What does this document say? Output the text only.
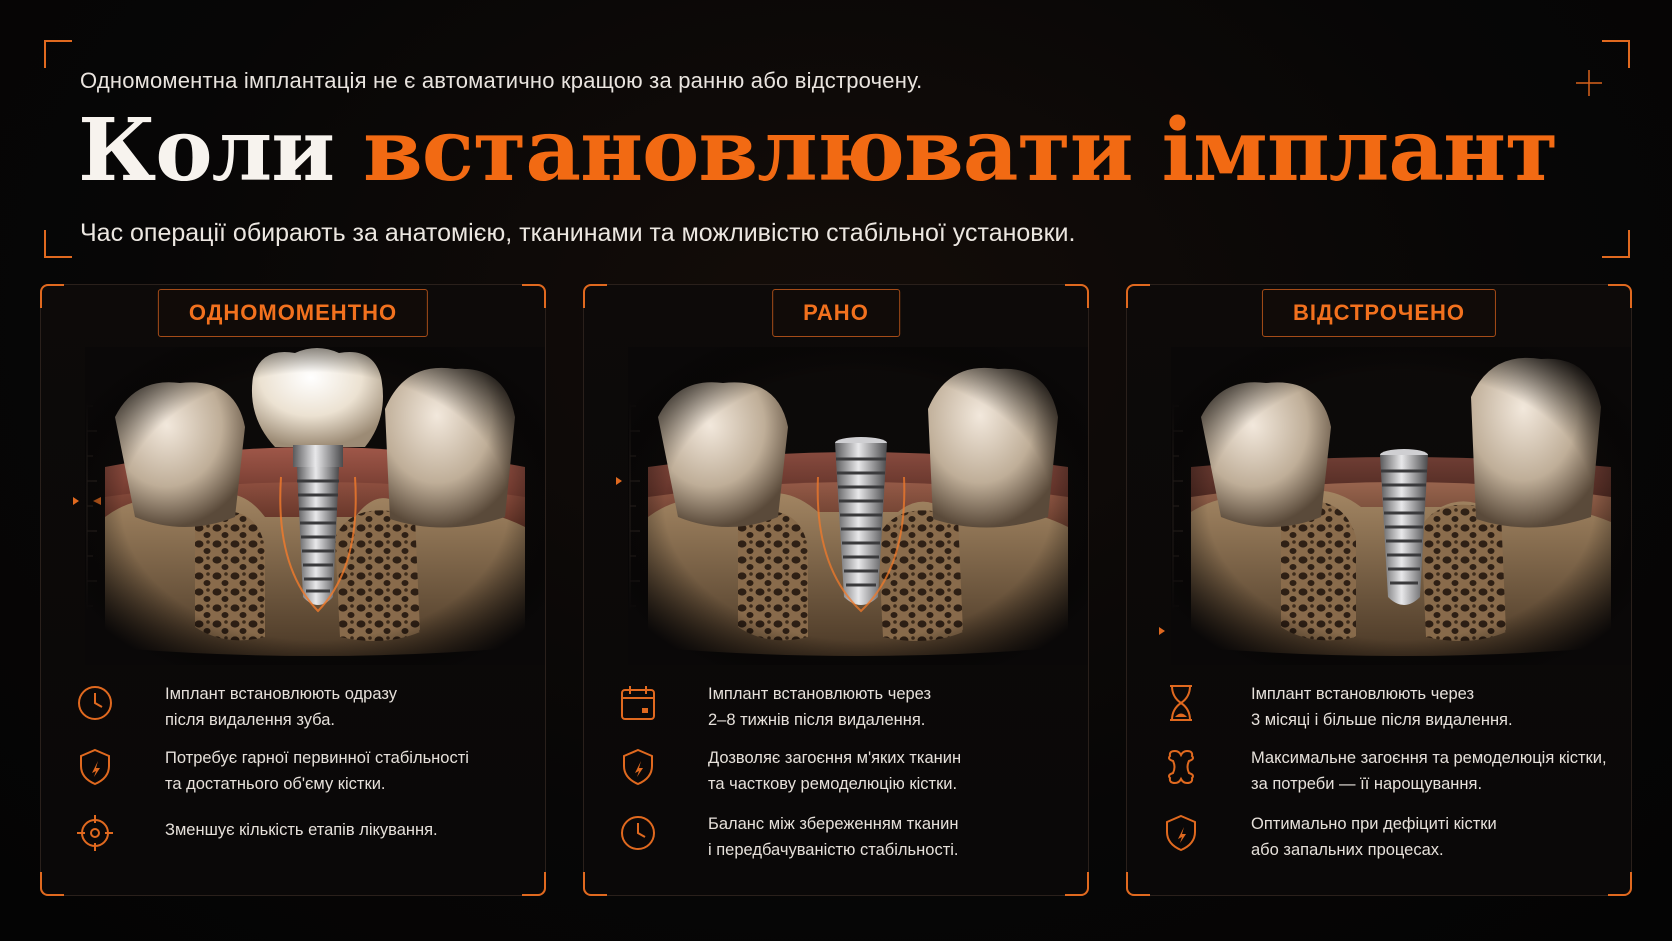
Одномоментна імплантація не є автоматично кращою за ранню або відстрочену.
Коли встановлювати імплант
Час операції обирають за анатомією, тканинами та можливістю стабільної установки.
ОДНОМОМЕНТНО
Імплант встановлюють одразу
після видалення зуба.
Потребує гарної первинної стабільності
та достатнього об'єму кістки.
Зменшує кількість етапів лікування.
РАНО
Імплант встановлюють через
2–8 тижнів після видалення.
Дозволяє загоєння м'яких тканин
та часткову ремоделюцію кістки.
Баланс між збереженням тканин
і передбачуваністю стабільності.
ВІДСТРОЧЕНО
Імплант встановлюють через
3 місяці і більше після видалення.
Максимальне загоєння та ремоделюція кістки,
за потреби — її нарощування.
Оптимально при дефіциті кістки
або запальних процесах.
